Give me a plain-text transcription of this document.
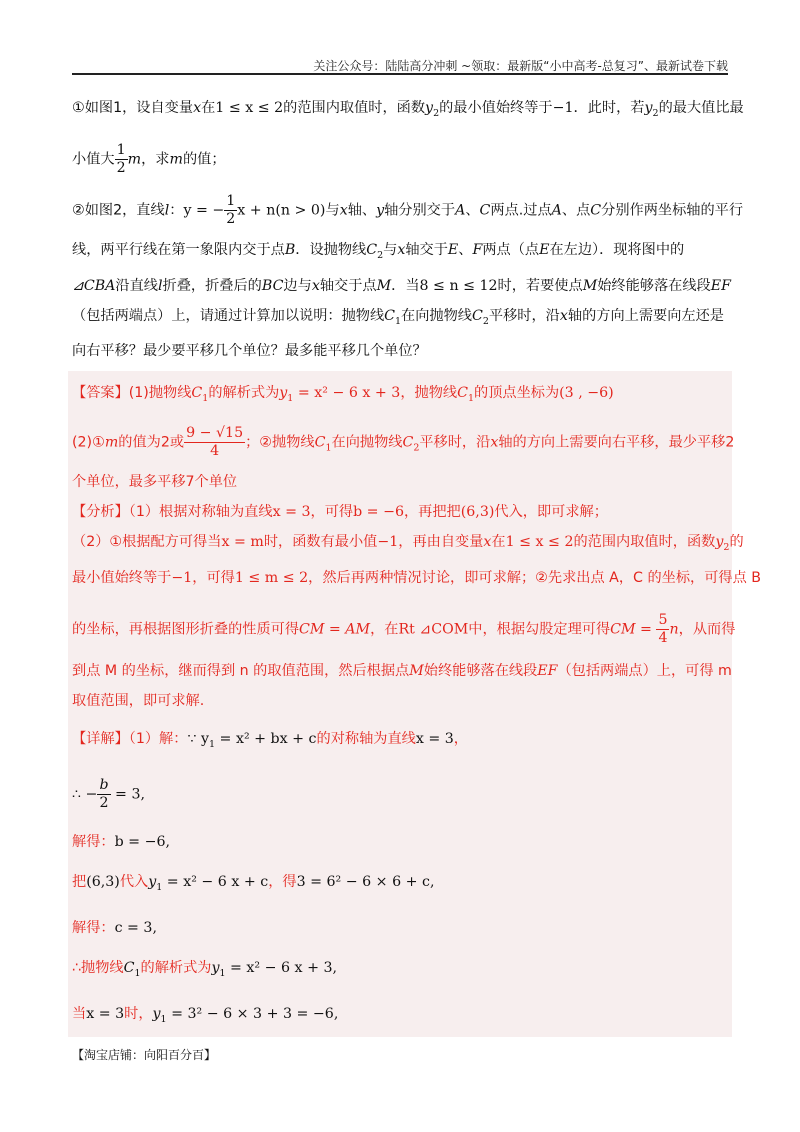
关注公众号：陆陆高分冲刺 ~领取：最新版“小中高考-总复习”、最新试卷下载
①如图1，设自变量x在1 ≤ x ≤ 2的范围内取值时，函数$y_2$的最小值始终等于−1．此时，若$y_2$的最大值比最
小值大 $\frac{1}{2}$ m，求m的值；
②如图2，直线l：y = − $\frac{1}{2}$ x + n(n > 0)与x轴、y轴分别交于A、C两点.过点A、点C分别作两坐标轴的平行
线，两平行线在第一象限内交于点B．设抛物线$C_2$与x轴交于E、F两点（点E在左边）．现将图中的
⊿CBA沿直线l折叠，折叠后的BC边与x轴交于点M．当8 ≤ n ≤ 12时，若要使点M始终能够落在线段EF
（包括两端点）上，请通过计算加以说明：抛物线$C_1$在向抛物线$C_2$平移时，沿x轴的方向上需要向左还是
向右平移？最少要平移几个单位？最多能平移几个单位？
【答案】(1)抛物线$C_1$的解析式为$y_1 = x^2 - 6$ x + 3，抛物线$C_1$的顶点坐标为(3 , −6)
(2)①m的值为2或 $\frac{9 - √15}{4}$ ；②抛物线$C_1$在向抛物线$C_2$平移时，沿x轴的方向上需要向右平移，最少平移2
个单位，最多平移7个单位
【分析】（1）根据对称轴为直线x = 3，可得b = −6，再把把(6,3)代入，即可求解；
（2）①根据配方可得当x = m时，函数有最小值−1，再由自变量x在1 ≤ x ≤ 2的范围内取值时，函数$y_2$的
最小值始终等于−1，可得1 ≤ m ≤ 2，然后再两种情况讨论，即可求解；②先求出点 A，C 的坐标，可得点 B
的坐标，再根据图形折叠的性质可得CM = AM，在Rt ⊿COM中，根据勾股定理可得CM = $\frac{5}{4}$ n，从而得
到点 M 的坐标，继而得到 n 的取值范围，然后根据点M始终能够落在线段EF（包括两端点）上，可得 m
取值范围，即可求解.
【详解】（1）解：∵ $y_1 = x^2$ + bx + c的对称轴为直线x = 3，
∴ − $\frac{b}{2} = 3$,
解得：b = −6,
把(6,3)代入$y_1 = x^2 - 6$ x + c，得3 = 6² − 6 × 6 + c,
解得：c = 3,
∴抛物线$C_1$的解析式为$y_1 = x^2 - 6$ x + 3,
当x = 3时，$y_1 = 3^2 - 6 \times 3 + 3 = -6$,
【淘宝店铺：向阳百分百】
